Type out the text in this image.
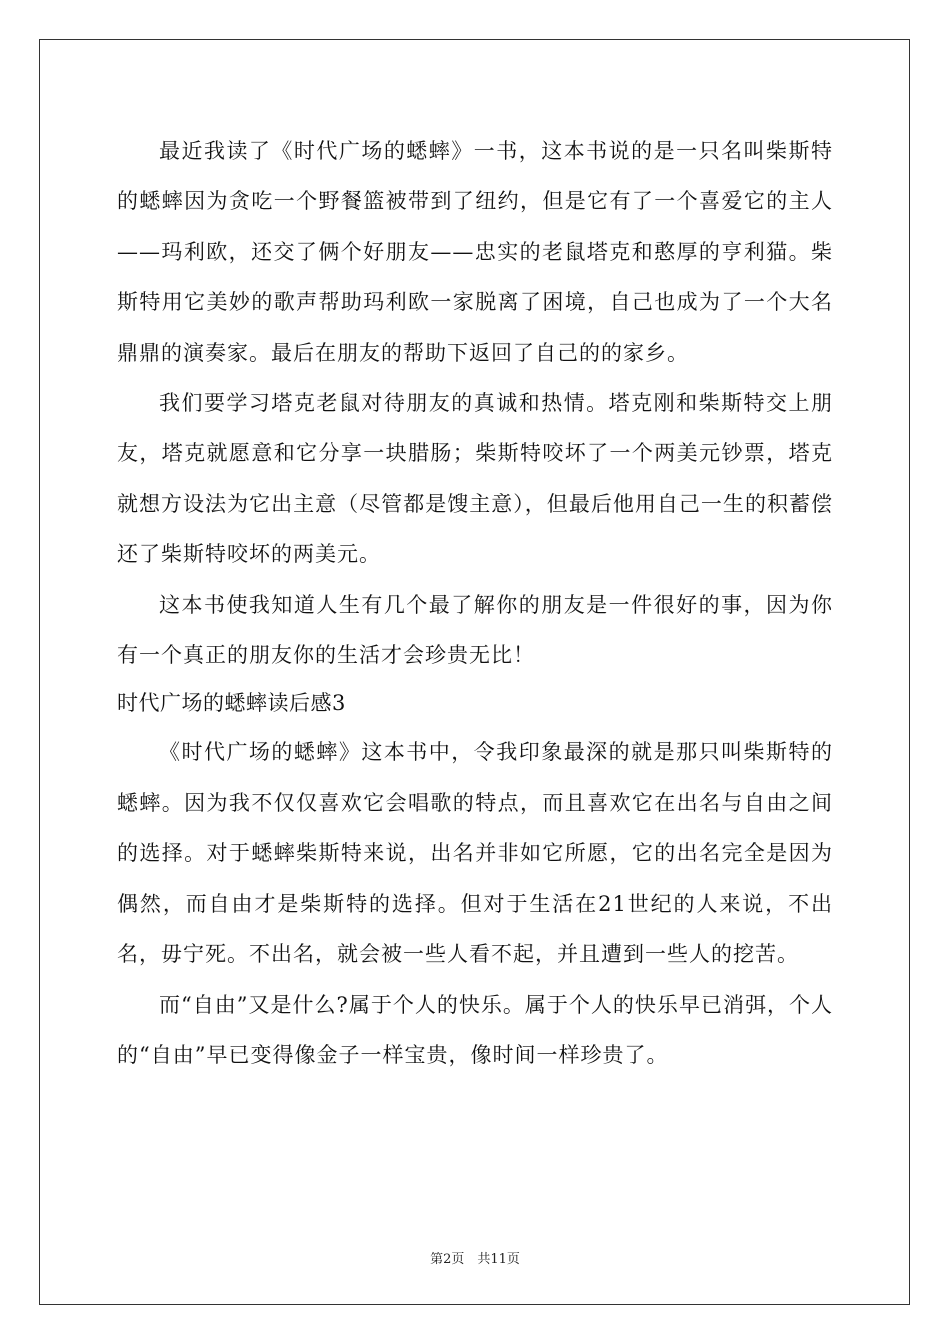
最近我读了《时代广场的蟋蟀》一书，这本书说的是一只名叫柴斯特的蟋蟀因为贪吃一个野餐篮被带到了纽约，但是它有了一个喜爱它的主人——玛利欧，还交了俩个好朋友——忠实的老鼠塔克和憨厚的亨利猫。柴斯特用它美妙的歌声帮助玛利欧一家脱离了困境，自己也成为了一个大名鼎鼎的演奏家。最后在朋友的帮助下返回了自己的的家乡。

我们要学习塔克老鼠对待朋友的真诚和热情。塔克刚和柴斯特交上朋友，塔克就愿意和它分享一块腊肠；柴斯特咬坏了一个两美元钞票，塔克就想方设法为它出主意（尽管都是馊主意），但最后他用自己一生的积蓄偿还了柴斯特咬坏的两美元。

这本书使我知道人生有几个最了解你的朋友是一件很好的事，因为你有一个真正的朋友你的生活才会珍贵无比！

时代广场的蟋蟀读后感3

《时代广场的蟋蟀》这本书中，令我印象最深的就是那只叫柴斯特的蟋蟀。因为我不仅仅喜欢它会唱歌的特点，而且喜欢它在出名与自由之间的选择。对于蟋蟀柴斯特来说，出名并非如它所愿，它的出名完全是因为偶然，而自由才是柴斯特的选择。但对于生活在21世纪的人来说，不出名，毋宁死。不出名，就会被一些人看不起，并且遭到一些人的挖苦。

而“自由”又是什么?属于个人的快乐。属于个人的快乐早已消弭，个人的“自由”早已变得像金子一样宝贵，像时间一样珍贵了。

第2页　共11页
